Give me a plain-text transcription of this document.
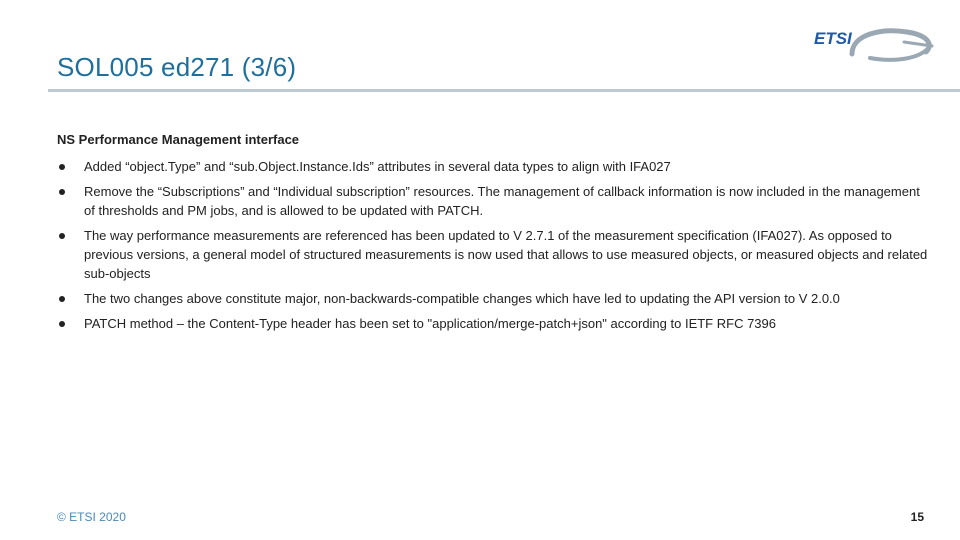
SOL005 ed271 (3/6)
ETSI
NS Performance Management interface
Added “object.Type” and “sub.Object.Instance.Ids” attributes in several data types to align with IFA027
Remove the “Subscriptions” and “Individual subscription” resources. The management of callback information is now included in the management of thresholds and PM jobs, and is allowed to be updated with PATCH.
The way performance measurements are referenced has been updated to V 2.7.1 of the measurement specification (IFA027). As opposed to previous versions, a general model of structured measurements is now used that allows to use measured objects, or measured objects and related sub-objects
The two changes above constitute major, non-backwards-compatible changes which have led to updating the API version to V 2.0.0
PATCH method – the Content-Type header has been set to "application/merge-patch+json" according to IETF RFC 7396
© ETSI 2020	15
